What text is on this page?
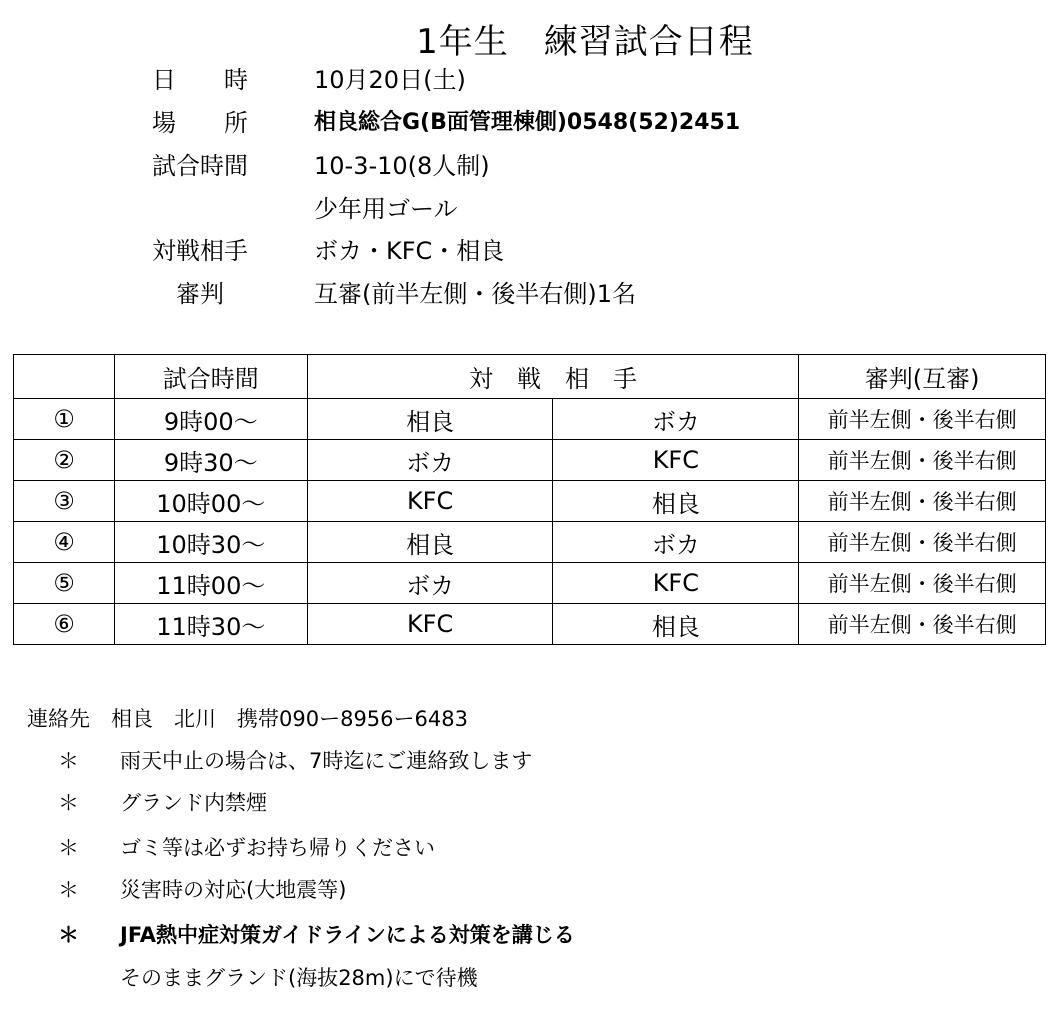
1年生　練習試合日程
日　　時	10月20日(土)
場　　所	相良総合G(B面管理棟側)0548(52)2451
試合時間	10-3-10(8人制)
少年用ゴール
対戦相手	ボカ・KFC・相良
　審判	互審(前半左側・後半右側)1名
	試合時間	対　戦　相　手		審判(互審)
①	9時00〜	相良	ボカ	前半左側・後半右側
②	9時30〜	ボカ	KFC	前半左側・後半右側
③	10時00〜	KFC	相良	前半左側・後半右側
④	10時30〜	相良	ボカ	前半左側・後半右側
⑤	11時00〜	ボカ	KFC	前半左側・後半右側
⑥	11時30〜	KFC	相良	前半左側・後半右側
連絡先　相良　北川　携帯090ー8956ー6483
＊ 雨天中止の場合は、7時迄にご連絡致します
＊ グランド内禁煙
＊ ゴミ等は必ずお持ち帰りください
＊ 災害時の対応(大地震等)
＊ JFA熱中症対策ガイドラインによる対策を講じる
そのままグランド(海抜28m)にで待機
